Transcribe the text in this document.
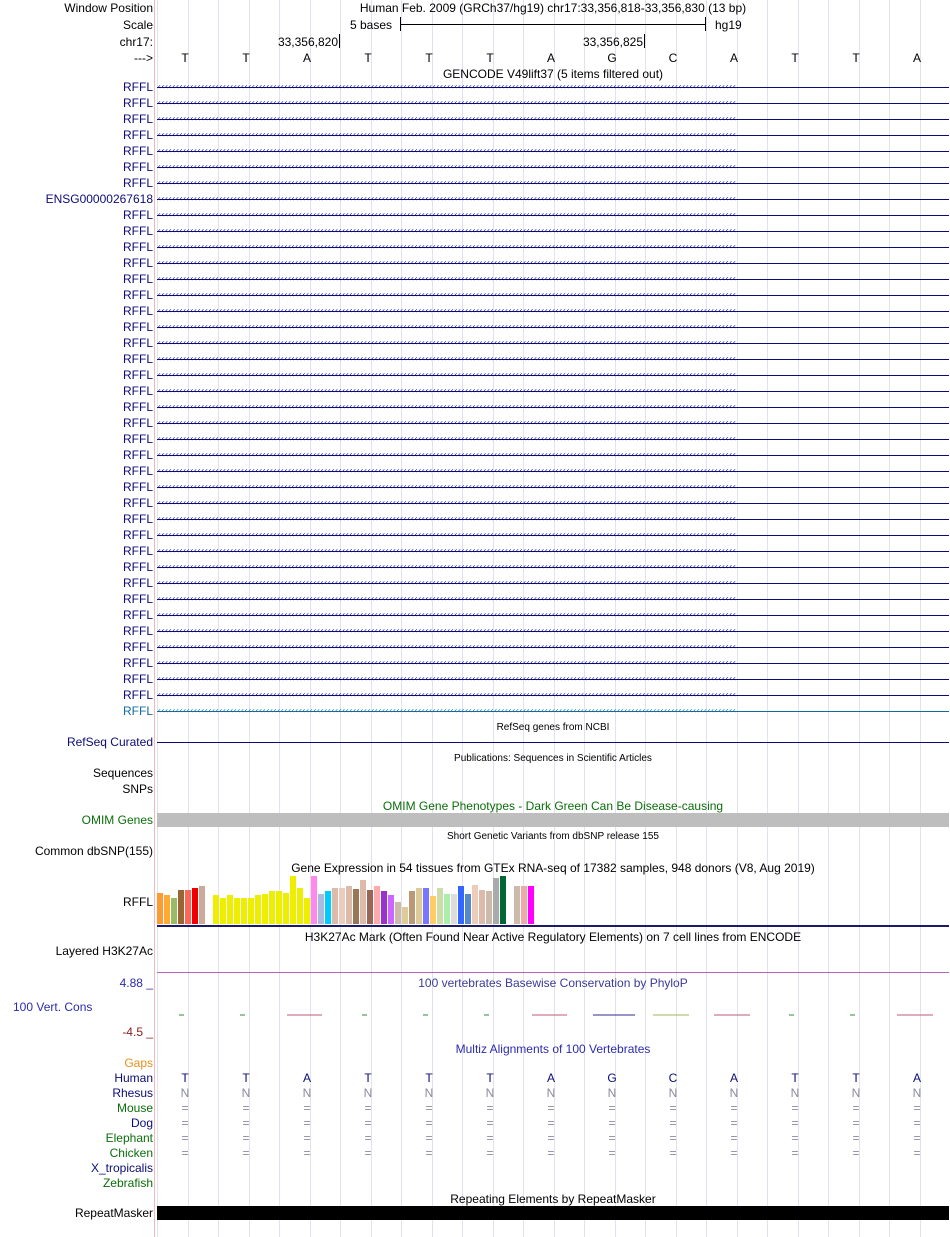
Window Position	Human Feb. 2009 (GRCh37/hg19) chr17:33,356,818-33,356,830 (13 bp)
Scale	5 bases	hg19
chr17:	33,356,820	33,356,825
---> T	T	A	T	T	T	A	G	C	A	T	T	A
GENCODE V49lift37 (5 items filtered out)
RFFL ‹‹‹‹‹‹‹‹‹‹‹‹‹‹‹‹‹‹‹‹‹‹‹‹‹‹‹‹‹‹‹‹‹‹‹‹‹‹‹‹‹‹‹‹‹‹‹‹‹‹‹‹‹‹‹‹‹‹‹‹‹‹‹‹‹‹‹‹‹‹‹‹‹‹‹‹‹‹‹‹‹‹‹‹‹‹‹‹‹‹‹‹‹‹‹‹‹‹‹‹‹‹‹‹‹‹‹‹‹‹‹‹‹‹‹‹‹‹‹‹‹‹‹‹‹‹‹‹‹‹‹‹‹‹‹‹‹‹‹‹‹‹‹‹‹‹‹‹‹‹‹‹‹‹‹‹‹‹‹‹
RFFL ‹‹‹‹‹‹‹‹‹‹‹‹‹‹‹‹‹‹‹‹‹‹‹‹‹‹‹‹‹‹‹‹‹‹‹‹‹‹‹‹‹‹‹‹‹‹‹‹‹‹‹‹‹‹‹‹‹‹‹‹‹‹‹‹‹‹‹‹‹‹‹‹‹‹‹‹‹‹‹‹‹‹‹‹‹‹‹‹‹‹‹‹‹‹‹‹‹‹‹‹‹‹‹‹‹‹‹‹‹‹‹‹‹‹‹‹‹‹‹‹‹‹‹‹‹‹‹‹‹‹‹‹‹‹‹‹‹‹‹‹‹‹‹‹‹‹‹‹‹‹‹‹‹‹‹‹‹‹‹‹
RFFL ‹‹‹‹‹‹‹‹‹‹‹‹‹‹‹‹‹‹‹‹‹‹‹‹‹‹‹‹‹‹‹‹‹‹‹‹‹‹‹‹‹‹‹‹‹‹‹‹‹‹‹‹‹‹‹‹‹‹‹‹‹‹‹‹‹‹‹‹‹‹‹‹‹‹‹‹‹‹‹‹‹‹‹‹‹‹‹‹‹‹‹‹‹‹‹‹‹‹‹‹‹‹‹‹‹‹‹‹‹‹‹‹‹‹‹‹‹‹‹‹‹‹‹‹‹‹‹‹‹‹‹‹‹‹‹‹‹‹‹‹‹‹‹‹‹‹‹‹‹‹‹‹‹‹‹‹‹‹‹‹
RFFL ‹‹‹‹‹‹‹‹‹‹‹‹‹‹‹‹‹‹‹‹‹‹‹‹‹‹‹‹‹‹‹‹‹‹‹‹‹‹‹‹‹‹‹‹‹‹‹‹‹‹‹‹‹‹‹‹‹‹‹‹‹‹‹‹‹‹‹‹‹‹‹‹‹‹‹‹‹‹‹‹‹‹‹‹‹‹‹‹‹‹‹‹‹‹‹‹‹‹‹‹‹‹‹‹‹‹‹‹‹‹‹‹‹‹‹‹‹‹‹‹‹‹‹‹‹‹‹‹‹‹‹‹‹‹‹‹‹‹‹‹‹‹‹‹‹‹‹‹‹‹‹‹‹‹‹‹‹‹‹‹
RFFL ‹‹‹‹‹‹‹‹‹‹‹‹‹‹‹‹‹‹‹‹‹‹‹‹‹‹‹‹‹‹‹‹‹‹‹‹‹‹‹‹‹‹‹‹‹‹‹‹‹‹‹‹‹‹‹‹‹‹‹‹‹‹‹‹‹‹‹‹‹‹‹‹‹‹‹‹‹‹‹‹‹‹‹‹‹‹‹‹‹‹‹‹‹‹‹‹‹‹‹‹‹‹‹‹‹‹‹‹‹‹‹‹‹‹‹‹‹‹‹‹‹‹‹‹‹‹‹‹‹‹‹‹‹‹‹‹‹‹‹‹‹‹‹‹‹‹‹‹‹‹‹‹‹‹‹‹‹‹‹‹
RFFL ‹‹‹‹‹‹‹‹‹‹‹‹‹‹‹‹‹‹‹‹‹‹‹‹‹‹‹‹‹‹‹‹‹‹‹‹‹‹‹‹‹‹‹‹‹‹‹‹‹‹‹‹‹‹‹‹‹‹‹‹‹‹‹‹‹‹‹‹‹‹‹‹‹‹‹‹‹‹‹‹‹‹‹‹‹‹‹‹‹‹‹‹‹‹‹‹‹‹‹‹‹‹‹‹‹‹‹‹‹‹‹‹‹‹‹‹‹‹‹‹‹‹‹‹‹‹‹‹‹‹‹‹‹‹‹‹‹‹‹‹‹‹‹‹‹‹‹‹‹‹‹‹‹‹‹‹‹‹‹‹
RFFL ‹‹‹‹‹‹‹‹‹‹‹‹‹‹‹‹‹‹‹‹‹‹‹‹‹‹‹‹‹‹‹‹‹‹‹‹‹‹‹‹‹‹‹‹‹‹‹‹‹‹‹‹‹‹‹‹‹‹‹‹‹‹‹‹‹‹‹‹‹‹‹‹‹‹‹‹‹‹‹‹‹‹‹‹‹‹‹‹‹‹‹‹‹‹‹‹‹‹‹‹‹‹‹‹‹‹‹‹‹‹‹‹‹‹‹‹‹‹‹‹‹‹‹‹‹‹‹‹‹‹‹‹‹‹‹‹‹‹‹‹‹‹‹‹‹‹‹‹‹‹‹‹‹‹‹‹‹‹‹‹
ENSG00000267618 ‹‹‹‹‹‹‹‹‹‹‹‹‹‹‹‹‹‹‹‹‹‹‹‹‹‹‹‹‹‹‹‹‹‹‹‹‹‹‹‹‹‹‹‹‹‹‹‹‹‹‹‹‹‹‹‹‹‹‹‹‹‹‹‹‹‹‹‹‹‹‹‹‹‹‹‹‹‹‹‹‹‹‹‹‹‹‹‹‹‹‹‹‹‹‹‹‹‹‹‹‹‹‹‹‹‹‹‹‹‹‹‹‹‹‹‹‹‹‹‹‹‹‹‹‹‹‹‹‹‹‹‹‹‹‹‹‹‹‹‹‹‹‹‹‹‹‹‹‹‹‹‹‹‹‹‹‹‹‹‹
RFFL ‹‹‹‹‹‹‹‹‹‹‹‹‹‹‹‹‹‹‹‹‹‹‹‹‹‹‹‹‹‹‹‹‹‹‹‹‹‹‹‹‹‹‹‹‹‹‹‹‹‹‹‹‹‹‹‹‹‹‹‹‹‹‹‹‹‹‹‹‹‹‹‹‹‹‹‹‹‹‹‹‹‹‹‹‹‹‹‹‹‹‹‹‹‹‹‹‹‹‹‹‹‹‹‹‹‹‹‹‹‹‹‹‹‹‹‹‹‹‹‹‹‹‹‹‹‹‹‹‹‹‹‹‹‹‹‹‹‹‹‹‹‹‹‹‹‹‹‹‹‹‹‹‹‹‹‹‹‹‹‹
RFFL ‹‹‹‹‹‹‹‹‹‹‹‹‹‹‹‹‹‹‹‹‹‹‹‹‹‹‹‹‹‹‹‹‹‹‹‹‹‹‹‹‹‹‹‹‹‹‹‹‹‹‹‹‹‹‹‹‹‹‹‹‹‹‹‹‹‹‹‹‹‹‹‹‹‹‹‹‹‹‹‹‹‹‹‹‹‹‹‹‹‹‹‹‹‹‹‹‹‹‹‹‹‹‹‹‹‹‹‹‹‹‹‹‹‹‹‹‹‹‹‹‹‹‹‹‹‹‹‹‹‹‹‹‹‹‹‹‹‹‹‹‹‹‹‹‹‹‹‹‹‹‹‹‹‹‹‹‹‹‹‹
RFFL ‹‹‹‹‹‹‹‹‹‹‹‹‹‹‹‹‹‹‹‹‹‹‹‹‹‹‹‹‹‹‹‹‹‹‹‹‹‹‹‹‹‹‹‹‹‹‹‹‹‹‹‹‹‹‹‹‹‹‹‹‹‹‹‹‹‹‹‹‹‹‹‹‹‹‹‹‹‹‹‹‹‹‹‹‹‹‹‹‹‹‹‹‹‹‹‹‹‹‹‹‹‹‹‹‹‹‹‹‹‹‹‹‹‹‹‹‹‹‹‹‹‹‹‹‹‹‹‹‹‹‹‹‹‹‹‹‹‹‹‹‹‹‹‹‹‹‹‹‹‹‹‹‹‹‹‹‹‹‹‹
RFFL ‹‹‹‹‹‹‹‹‹‹‹‹‹‹‹‹‹‹‹‹‹‹‹‹‹‹‹‹‹‹‹‹‹‹‹‹‹‹‹‹‹‹‹‹‹‹‹‹‹‹‹‹‹‹‹‹‹‹‹‹‹‹‹‹‹‹‹‹‹‹‹‹‹‹‹‹‹‹‹‹‹‹‹‹‹‹‹‹‹‹‹‹‹‹‹‹‹‹‹‹‹‹‹‹‹‹‹‹‹‹‹‹‹‹‹‹‹‹‹‹‹‹‹‹‹‹‹‹‹‹‹‹‹‹‹‹‹‹‹‹‹‹‹‹‹‹‹‹‹‹‹‹‹‹‹‹‹‹‹‹
RFFL ‹‹‹‹‹‹‹‹‹‹‹‹‹‹‹‹‹‹‹‹‹‹‹‹‹‹‹‹‹‹‹‹‹‹‹‹‹‹‹‹‹‹‹‹‹‹‹‹‹‹‹‹‹‹‹‹‹‹‹‹‹‹‹‹‹‹‹‹‹‹‹‹‹‹‹‹‹‹‹‹‹‹‹‹‹‹‹‹‹‹‹‹‹‹‹‹‹‹‹‹‹‹‹‹‹‹‹‹‹‹‹‹‹‹‹‹‹‹‹‹‹‹‹‹‹‹‹‹‹‹‹‹‹‹‹‹‹‹‹‹‹‹‹‹‹‹‹‹‹‹‹‹‹‹‹‹‹‹‹‹
RFFL ‹‹‹‹‹‹‹‹‹‹‹‹‹‹‹‹‹‹‹‹‹‹‹‹‹‹‹‹‹‹‹‹‹‹‹‹‹‹‹‹‹‹‹‹‹‹‹‹‹‹‹‹‹‹‹‹‹‹‹‹‹‹‹‹‹‹‹‹‹‹‹‹‹‹‹‹‹‹‹‹‹‹‹‹‹‹‹‹‹‹‹‹‹‹‹‹‹‹‹‹‹‹‹‹‹‹‹‹‹‹‹‹‹‹‹‹‹‹‹‹‹‹‹‹‹‹‹‹‹‹‹‹‹‹‹‹‹‹‹‹‹‹‹‹‹‹‹‹‹‹‹‹‹‹‹‹‹‹‹‹
RFFL ‹‹‹‹‹‹‹‹‹‹‹‹‹‹‹‹‹‹‹‹‹‹‹‹‹‹‹‹‹‹‹‹‹‹‹‹‹‹‹‹‹‹‹‹‹‹‹‹‹‹‹‹‹‹‹‹‹‹‹‹‹‹‹‹‹‹‹‹‹‹‹‹‹‹‹‹‹‹‹‹‹‹‹‹‹‹‹‹‹‹‹‹‹‹‹‹‹‹‹‹‹‹‹‹‹‹‹‹‹‹‹‹‹‹‹‹‹‹‹‹‹‹‹‹‹‹‹‹‹‹‹‹‹‹‹‹‹‹‹‹‹‹‹‹‹‹‹‹‹‹‹‹‹‹‹‹‹‹‹‹
RFFL ‹‹‹‹‹‹‹‹‹‹‹‹‹‹‹‹‹‹‹‹‹‹‹‹‹‹‹‹‹‹‹‹‹‹‹‹‹‹‹‹‹‹‹‹‹‹‹‹‹‹‹‹‹‹‹‹‹‹‹‹‹‹‹‹‹‹‹‹‹‹‹‹‹‹‹‹‹‹‹‹‹‹‹‹‹‹‹‹‹‹‹‹‹‹‹‹‹‹‹‹‹‹‹‹‹‹‹‹‹‹‹‹‹‹‹‹‹‹‹‹‹‹‹‹‹‹‹‹‹‹‹‹‹‹‹‹‹‹‹‹‹‹‹‹‹‹‹‹‹‹‹‹‹‹‹‹‹‹‹‹
RFFL ‹‹‹‹‹‹‹‹‹‹‹‹‹‹‹‹‹‹‹‹‹‹‹‹‹‹‹‹‹‹‹‹‹‹‹‹‹‹‹‹‹‹‹‹‹‹‹‹‹‹‹‹‹‹‹‹‹‹‹‹‹‹‹‹‹‹‹‹‹‹‹‹‹‹‹‹‹‹‹‹‹‹‹‹‹‹‹‹‹‹‹‹‹‹‹‹‹‹‹‹‹‹‹‹‹‹‹‹‹‹‹‹‹‹‹‹‹‹‹‹‹‹‹‹‹‹‹‹‹‹‹‹‹‹‹‹‹‹‹‹‹‹‹‹‹‹‹‹‹‹‹‹‹‹‹‹‹‹‹‹
RFFL ‹‹‹‹‹‹‹‹‹‹‹‹‹‹‹‹‹‹‹‹‹‹‹‹‹‹‹‹‹‹‹‹‹‹‹‹‹‹‹‹‹‹‹‹‹‹‹‹‹‹‹‹‹‹‹‹‹‹‹‹‹‹‹‹‹‹‹‹‹‹‹‹‹‹‹‹‹‹‹‹‹‹‹‹‹‹‹‹‹‹‹‹‹‹‹‹‹‹‹‹‹‹‹‹‹‹‹‹‹‹‹‹‹‹‹‹‹‹‹‹‹‹‹‹‹‹‹‹‹‹‹‹‹‹‹‹‹‹‹‹‹‹‹‹‹‹‹‹‹‹‹‹‹‹‹‹‹‹‹‹
RFFL ‹‹‹‹‹‹‹‹‹‹‹‹‹‹‹‹‹‹‹‹‹‹‹‹‹‹‹‹‹‹‹‹‹‹‹‹‹‹‹‹‹‹‹‹‹‹‹‹‹‹‹‹‹‹‹‹‹‹‹‹‹‹‹‹‹‹‹‹‹‹‹‹‹‹‹‹‹‹‹‹‹‹‹‹‹‹‹‹‹‹‹‹‹‹‹‹‹‹‹‹‹‹‹‹‹‹‹‹‹‹‹‹‹‹‹‹‹‹‹‹‹‹‹‹‹‹‹‹‹‹‹‹‹‹‹‹‹‹‹‹‹‹‹‹‹‹‹‹‹‹‹‹‹‹‹‹‹‹‹‹
RFFL ‹‹‹‹‹‹‹‹‹‹‹‹‹‹‹‹‹‹‹‹‹‹‹‹‹‹‹‹‹‹‹‹‹‹‹‹‹‹‹‹‹‹‹‹‹‹‹‹‹‹‹‹‹‹‹‹‹‹‹‹‹‹‹‹‹‹‹‹‹‹‹‹‹‹‹‹‹‹‹‹‹‹‹‹‹‹‹‹‹‹‹‹‹‹‹‹‹‹‹‹‹‹‹‹‹‹‹‹‹‹‹‹‹‹‹‹‹‹‹‹‹‹‹‹‹‹‹‹‹‹‹‹‹‹‹‹‹‹‹‹‹‹‹‹‹‹‹‹‹‹‹‹‹‹‹‹‹‹‹‹
RFFL ‹‹‹‹‹‹‹‹‹‹‹‹‹‹‹‹‹‹‹‹‹‹‹‹‹‹‹‹‹‹‹‹‹‹‹‹‹‹‹‹‹‹‹‹‹‹‹‹‹‹‹‹‹‹‹‹‹‹‹‹‹‹‹‹‹‹‹‹‹‹‹‹‹‹‹‹‹‹‹‹‹‹‹‹‹‹‹‹‹‹‹‹‹‹‹‹‹‹‹‹‹‹‹‹‹‹‹‹‹‹‹‹‹‹‹‹‹‹‹‹‹‹‹‹‹‹‹‹‹‹‹‹‹‹‹‹‹‹‹‹‹‹‹‹‹‹‹‹‹‹‹‹‹‹‹‹‹‹‹‹
RFFL ‹‹‹‹‹‹‹‹‹‹‹‹‹‹‹‹‹‹‹‹‹‹‹‹‹‹‹‹‹‹‹‹‹‹‹‹‹‹‹‹‹‹‹‹‹‹‹‹‹‹‹‹‹‹‹‹‹‹‹‹‹‹‹‹‹‹‹‹‹‹‹‹‹‹‹‹‹‹‹‹‹‹‹‹‹‹‹‹‹‹‹‹‹‹‹‹‹‹‹‹‹‹‹‹‹‹‹‹‹‹‹‹‹‹‹‹‹‹‹‹‹‹‹‹‹‹‹‹‹‹‹‹‹‹‹‹‹‹‹‹‹‹‹‹‹‹‹‹‹‹‹‹‹‹‹‹‹‹‹‹
RFFL ‹‹‹‹‹‹‹‹‹‹‹‹‹‹‹‹‹‹‹‹‹‹‹‹‹‹‹‹‹‹‹‹‹‹‹‹‹‹‹‹‹‹‹‹‹‹‹‹‹‹‹‹‹‹‹‹‹‹‹‹‹‹‹‹‹‹‹‹‹‹‹‹‹‹‹‹‹‹‹‹‹‹‹‹‹‹‹‹‹‹‹‹‹‹‹‹‹‹‹‹‹‹‹‹‹‹‹‹‹‹‹‹‹‹‹‹‹‹‹‹‹‹‹‹‹‹‹‹‹‹‹‹‹‹‹‹‹‹‹‹‹‹‹‹‹‹‹‹‹‹‹‹‹‹‹‹‹‹‹‹
RFFL ‹‹‹‹‹‹‹‹‹‹‹‹‹‹‹‹‹‹‹‹‹‹‹‹‹‹‹‹‹‹‹‹‹‹‹‹‹‹‹‹‹‹‹‹‹‹‹‹‹‹‹‹‹‹‹‹‹‹‹‹‹‹‹‹‹‹‹‹‹‹‹‹‹‹‹‹‹‹‹‹‹‹‹‹‹‹‹‹‹‹‹‹‹‹‹‹‹‹‹‹‹‹‹‹‹‹‹‹‹‹‹‹‹‹‹‹‹‹‹‹‹‹‹‹‹‹‹‹‹‹‹‹‹‹‹‹‹‹‹‹‹‹‹‹‹‹‹‹‹‹‹‹‹‹‹‹‹‹‹‹
RFFL ‹‹‹‹‹‹‹‹‹‹‹‹‹‹‹‹‹‹‹‹‹‹‹‹‹‹‹‹‹‹‹‹‹‹‹‹‹‹‹‹‹‹‹‹‹‹‹‹‹‹‹‹‹‹‹‹‹‹‹‹‹‹‹‹‹‹‹‹‹‹‹‹‹‹‹‹‹‹‹‹‹‹‹‹‹‹‹‹‹‹‹‹‹‹‹‹‹‹‹‹‹‹‹‹‹‹‹‹‹‹‹‹‹‹‹‹‹‹‹‹‹‹‹‹‹‹‹‹‹‹‹‹‹‹‹‹‹‹‹‹‹‹‹‹‹‹‹‹‹‹‹‹‹‹‹‹‹‹‹‹
RFFL ‹‹‹‹‹‹‹‹‹‹‹‹‹‹‹‹‹‹‹‹‹‹‹‹‹‹‹‹‹‹‹‹‹‹‹‹‹‹‹‹‹‹‹‹‹‹‹‹‹‹‹‹‹‹‹‹‹‹‹‹‹‹‹‹‹‹‹‹‹‹‹‹‹‹‹‹‹‹‹‹‹‹‹‹‹‹‹‹‹‹‹‹‹‹‹‹‹‹‹‹‹‹‹‹‹‹‹‹‹‹‹‹‹‹‹‹‹‹‹‹‹‹‹‹‹‹‹‹‹‹‹‹‹‹‹‹‹‹‹‹‹‹‹‹‹‹‹‹‹‹‹‹‹‹‹‹‹‹‹‹
RFFL ‹‹‹‹‹‹‹‹‹‹‹‹‹‹‹‹‹‹‹‹‹‹‹‹‹‹‹‹‹‹‹‹‹‹‹‹‹‹‹‹‹‹‹‹‹‹‹‹‹‹‹‹‹‹‹‹‹‹‹‹‹‹‹‹‹‹‹‹‹‹‹‹‹‹‹‹‹‹‹‹‹‹‹‹‹‹‹‹‹‹‹‹‹‹‹‹‹‹‹‹‹‹‹‹‹‹‹‹‹‹‹‹‹‹‹‹‹‹‹‹‹‹‹‹‹‹‹‹‹‹‹‹‹‹‹‹‹‹‹‹‹‹‹‹‹‹‹‹‹‹‹‹‹‹‹‹‹‹‹‹
RFFL ‹‹‹‹‹‹‹‹‹‹‹‹‹‹‹‹‹‹‹‹‹‹‹‹‹‹‹‹‹‹‹‹‹‹‹‹‹‹‹‹‹‹‹‹‹‹‹‹‹‹‹‹‹‹‹‹‹‹‹‹‹‹‹‹‹‹‹‹‹‹‹‹‹‹‹‹‹‹‹‹‹‹‹‹‹‹‹‹‹‹‹‹‹‹‹‹‹‹‹‹‹‹‹‹‹‹‹‹‹‹‹‹‹‹‹‹‹‹‹‹‹‹‹‹‹‹‹‹‹‹‹‹‹‹‹‹‹‹‹‹‹‹‹‹‹‹‹‹‹‹‹‹‹‹‹‹‹‹‹‹
RFFL ‹‹‹‹‹‹‹‹‹‹‹‹‹‹‹‹‹‹‹‹‹‹‹‹‹‹‹‹‹‹‹‹‹‹‹‹‹‹‹‹‹‹‹‹‹‹‹‹‹‹‹‹‹‹‹‹‹‹‹‹‹‹‹‹‹‹‹‹‹‹‹‹‹‹‹‹‹‹‹‹‹‹‹‹‹‹‹‹‹‹‹‹‹‹‹‹‹‹‹‹‹‹‹‹‹‹‹‹‹‹‹‹‹‹‹‹‹‹‹‹‹‹‹‹‹‹‹‹‹‹‹‹‹‹‹‹‹‹‹‹‹‹‹‹‹‹‹‹‹‹‹‹‹‹‹‹‹‹‹‹
RFFL ‹‹‹‹‹‹‹‹‹‹‹‹‹‹‹‹‹‹‹‹‹‹‹‹‹‹‹‹‹‹‹‹‹‹‹‹‹‹‹‹‹‹‹‹‹‹‹‹‹‹‹‹‹‹‹‹‹‹‹‹‹‹‹‹‹‹‹‹‹‹‹‹‹‹‹‹‹‹‹‹‹‹‹‹‹‹‹‹‹‹‹‹‹‹‹‹‹‹‹‹‹‹‹‹‹‹‹‹‹‹‹‹‹‹‹‹‹‹‹‹‹‹‹‹‹‹‹‹‹‹‹‹‹‹‹‹‹‹‹‹‹‹‹‹‹‹‹‹‹‹‹‹‹‹‹‹‹‹‹‹
RFFL ‹‹‹‹‹‹‹‹‹‹‹‹‹‹‹‹‹‹‹‹‹‹‹‹‹‹‹‹‹‹‹‹‹‹‹‹‹‹‹‹‹‹‹‹‹‹‹‹‹‹‹‹‹‹‹‹‹‹‹‹‹‹‹‹‹‹‹‹‹‹‹‹‹‹‹‹‹‹‹‹‹‹‹‹‹‹‹‹‹‹‹‹‹‹‹‹‹‹‹‹‹‹‹‹‹‹‹‹‹‹‹‹‹‹‹‹‹‹‹‹‹‹‹‹‹‹‹‹‹‹‹‹‹‹‹‹‹‹‹‹‹‹‹‹‹‹‹‹‹‹‹‹‹‹‹‹‹‹‹‹
RFFL ‹‹‹‹‹‹‹‹‹‹‹‹‹‹‹‹‹‹‹‹‹‹‹‹‹‹‹‹‹‹‹‹‹‹‹‹‹‹‹‹‹‹‹‹‹‹‹‹‹‹‹‹‹‹‹‹‹‹‹‹‹‹‹‹‹‹‹‹‹‹‹‹‹‹‹‹‹‹‹‹‹‹‹‹‹‹‹‹‹‹‹‹‹‹‹‹‹‹‹‹‹‹‹‹‹‹‹‹‹‹‹‹‹‹‹‹‹‹‹‹‹‹‹‹‹‹‹‹‹‹‹‹‹‹‹‹‹‹‹‹‹‹‹‹‹‹‹‹‹‹‹‹‹‹‹‹‹‹‹‹
RFFL ‹‹‹‹‹‹‹‹‹‹‹‹‹‹‹‹‹‹‹‹‹‹‹‹‹‹‹‹‹‹‹‹‹‹‹‹‹‹‹‹‹‹‹‹‹‹‹‹‹‹‹‹‹‹‹‹‹‹‹‹‹‹‹‹‹‹‹‹‹‹‹‹‹‹‹‹‹‹‹‹‹‹‹‹‹‹‹‹‹‹‹‹‹‹‹‹‹‹‹‹‹‹‹‹‹‹‹‹‹‹‹‹‹‹‹‹‹‹‹‹‹‹‹‹‹‹‹‹‹‹‹‹‹‹‹‹‹‹‹‹‹‹‹‹‹‹‹‹‹‹‹‹‹‹‹‹‹‹‹‹
RFFL ‹‹‹‹‹‹‹‹‹‹‹‹‹‹‹‹‹‹‹‹‹‹‹‹‹‹‹‹‹‹‹‹‹‹‹‹‹‹‹‹‹‹‹‹‹‹‹‹‹‹‹‹‹‹‹‹‹‹‹‹‹‹‹‹‹‹‹‹‹‹‹‹‹‹‹‹‹‹‹‹‹‹‹‹‹‹‹‹‹‹‹‹‹‹‹‹‹‹‹‹‹‹‹‹‹‹‹‹‹‹‹‹‹‹‹‹‹‹‹‹‹‹‹‹‹‹‹‹‹‹‹‹‹‹‹‹‹‹‹‹‹‹‹‹‹‹‹‹‹‹‹‹‹‹‹‹‹‹‹‹
RFFL ‹‹‹‹‹‹‹‹‹‹‹‹‹‹‹‹‹‹‹‹‹‹‹‹‹‹‹‹‹‹‹‹‹‹‹‹‹‹‹‹‹‹‹‹‹‹‹‹‹‹‹‹‹‹‹‹‹‹‹‹‹‹‹‹‹‹‹‹‹‹‹‹‹‹‹‹‹‹‹‹‹‹‹‹‹‹‹‹‹‹‹‹‹‹‹‹‹‹‹‹‹‹‹‹‹‹‹‹‹‹‹‹‹‹‹‹‹‹‹‹‹‹‹‹‹‹‹‹‹‹‹‹‹‹‹‹‹‹‹‹‹‹‹‹‹‹‹‹‹‹‹‹‹‹‹‹‹‹‹‹
RFFL ‹‹‹‹‹‹‹‹‹‹‹‹‹‹‹‹‹‹‹‹‹‹‹‹‹‹‹‹‹‹‹‹‹‹‹‹‹‹‹‹‹‹‹‹‹‹‹‹‹‹‹‹‹‹‹‹‹‹‹‹‹‹‹‹‹‹‹‹‹‹‹‹‹‹‹‹‹‹‹‹‹‹‹‹‹‹‹‹‹‹‹‹‹‹‹‹‹‹‹‹‹‹‹‹‹‹‹‹‹‹‹‹‹‹‹‹‹‹‹‹‹‹‹‹‹‹‹‹‹‹‹‹‹‹‹‹‹‹‹‹‹‹‹‹‹‹‹‹‹‹‹‹‹‹‹‹‹‹‹‹
RFFL ‹‹‹‹‹‹‹‹‹‹‹‹‹‹‹‹‹‹‹‹‹‹‹‹‹‹‹‹‹‹‹‹‹‹‹‹‹‹‹‹‹‹‹‹‹‹‹‹‹‹‹‹‹‹‹‹‹‹‹‹‹‹‹‹‹‹‹‹‹‹‹‹‹‹‹‹‹‹‹‹‹‹‹‹‹‹‹‹‹‹‹‹‹‹‹‹‹‹‹‹‹‹‹‹‹‹‹‹‹‹‹‹‹‹‹‹‹‹‹‹‹‹‹‹‹‹‹‹‹‹‹‹‹‹‹‹‹‹‹‹‹‹‹‹‹‹‹‹‹‹‹‹‹‹‹‹‹‹‹‹
RFFL ‹‹‹‹‹‹‹‹‹‹‹‹‹‹‹‹‹‹‹‹‹‹‹‹‹‹‹‹‹‹‹‹‹‹‹‹‹‹‹‹‹‹‹‹‹‹‹‹‹‹‹‹‹‹‹‹‹‹‹‹‹‹‹‹‹‹‹‹‹‹‹‹‹‹‹‹‹‹‹‹‹‹‹‹‹‹‹‹‹‹‹‹‹‹‹‹‹‹‹‹‹‹‹‹‹‹‹‹‹‹‹‹‹‹‹‹‹‹‹‹‹‹‹‹‹‹‹‹‹‹‹‹‹‹‹‹‹‹‹‹‹‹‹‹‹‹‹‹‹‹‹‹‹‹‹‹‹‹‹‹
RFFL ‹‹‹‹‹‹‹‹‹‹‹‹‹‹‹‹‹‹‹‹‹‹‹‹‹‹‹‹‹‹‹‹‹‹‹‹‹‹‹‹‹‹‹‹‹‹‹‹‹‹‹‹‹‹‹‹‹‹‹‹‹‹‹‹‹‹‹‹‹‹‹‹‹‹‹‹‹‹‹‹‹‹‹‹‹‹‹‹‹‹‹‹‹‹‹‹‹‹‹‹‹‹‹‹‹‹‹‹‹‹‹‹‹‹‹‹‹‹‹‹‹‹‹‹‹‹‹‹‹‹‹‹‹‹‹‹‹‹‹‹‹‹‹‹‹‹‹‹‹‹‹‹‹‹‹‹‹‹‹‹
RFFL ‹‹‹‹‹‹‹‹‹‹‹‹‹‹‹‹‹‹‹‹‹‹‹‹‹‹‹‹‹‹‹‹‹‹‹‹‹‹‹‹‹‹‹‹‹‹‹‹‹‹‹‹‹‹‹‹‹‹‹‹‹‹‹‹‹‹‹‹‹‹‹‹‹‹‹‹‹‹‹‹‹‹‹‹‹‹‹‹‹‹‹‹‹‹‹‹‹‹‹‹‹‹‹‹‹‹‹‹‹‹‹‹‹‹‹‹‹‹‹‹‹‹‹‹‹‹‹‹‹‹‹‹‹‹‹‹‹‹‹‹‹‹‹‹‹‹‹‹‹‹‹‹‹‹‹‹‹‹‹‹
RefSeq genes from NCBI
RefSeq Curated
Publications: Sequences in Scientific Articles
Sequences
SNPs
OMIM Gene Phenotypes - Dark Green Can Be Disease-causing
OMIM Genes
Short Genetic Variants from dbSNP release 155
Common dbSNP(155)
Gene Expression in 54 tissues from GTEx RNA-seq of 17382 samples, 948 donors (V8, Aug 2019)
RFFL
H3K27Ac Mark (Often Found Near Active Regulatory Elements) on 7 cell lines from ENCODE
Layered H3K27Ac
100 vertebrates Basewise Conservation by PhyloP
4.88 _
100 Vert. Cons
-4.5 _
Multiz Alignments of 100 Vertebrates
Gaps
Human T	T	A	T	T	T	A	G	C	A	T	T	A
Rhesus N	N	N	N	N	N	N	N	N	N	N	N	N
Mouse =	=	=	=	=	=	=	=	=	=	=	=	=
Dog =	=	=	=	=	=	=	=	=	=	=	=	=
Elephant =	=	=	=	=	=	=	=	=	=	=	=	=
Chicken =	=	=	=	=	=	=	=	=	=	=	=	=
X_tropicalis
Zebrafish
Repeating Elements by RepeatMasker
RepeatMasker
